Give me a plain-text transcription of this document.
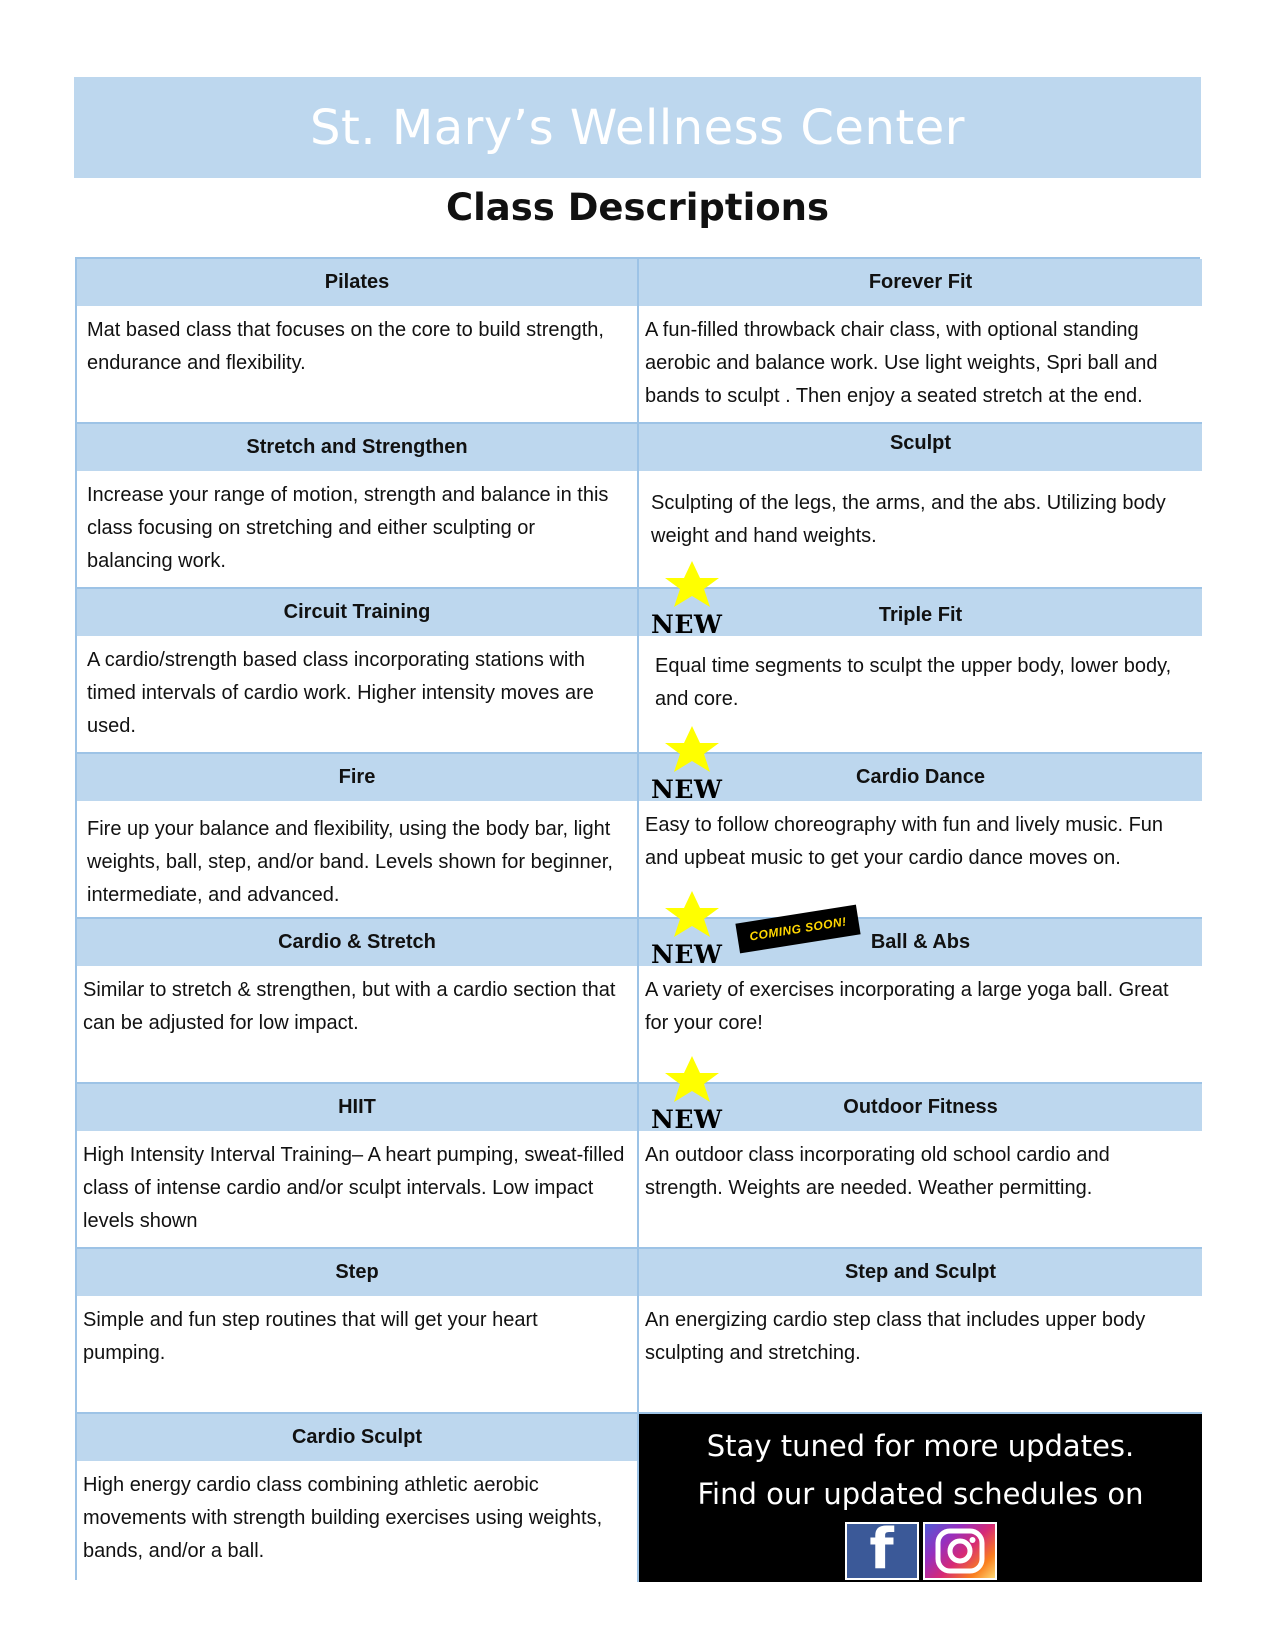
St. Mary’s Wellness Center
Class Descriptions
Pilates
Mat based class that focuses on the core to build strength, endurance and flexibility.
Forever Fit
A fun-filled throwback chair class, with optional standing aerobic and balance work. Use light weights, Spri ball and bands to sculpt . Then enjoy a seated stretch at the end.
Stretch and Strengthen
Increase your range of motion, strength and balance in this class focusing on stretching and either sculpting or balancing work.
Sculpt
Sculpting of the legs, the arms, and the abs. Utilizing body weight and hand weights.
Circuit Training
A cardio/strength based class incorporating stations with timed intervals of cardio work. Higher intensity moves are used.
Triple Fit
Equal time segments to sculpt the upper body, lower body, and core.
NEW
Fire
Fire up your balance and flexibility, using the body bar, light weights, ball, step, and/or band. Levels shown for beginner, intermediate, and advanced.
Cardio Dance
Easy to follow choreography with fun and lively music. Fun and upbeat music to get your cardio dance moves on.
NEW
Cardio & Stretch
Similar to stretch & strengthen, but with a cardio section that can be adjusted for low impact.
Ball & Abs
A variety of exercises incorporating a large yoga ball. Great for your core!
NEW
COMING SOON!
HIIT
High Intensity Interval Training– A heart pumping, sweat-filled class of intense cardio and/or sculpt intervals. Low impact levels shown
Outdoor Fitness
An outdoor class incorporating old school cardio and strength. Weights are needed. Weather permitting.
NEW
Step
Simple and fun step routines that will get your heart pumping.
Step and Sculpt
An energizing cardio step class that includes upper body sculpting and stretching.
Cardio Sculpt
High energy cardio class combining athletic aerobic movements with strength building exercises using weights, bands, and/or a ball.
Stay tuned for more updates.
Find our updated schedules on
f
